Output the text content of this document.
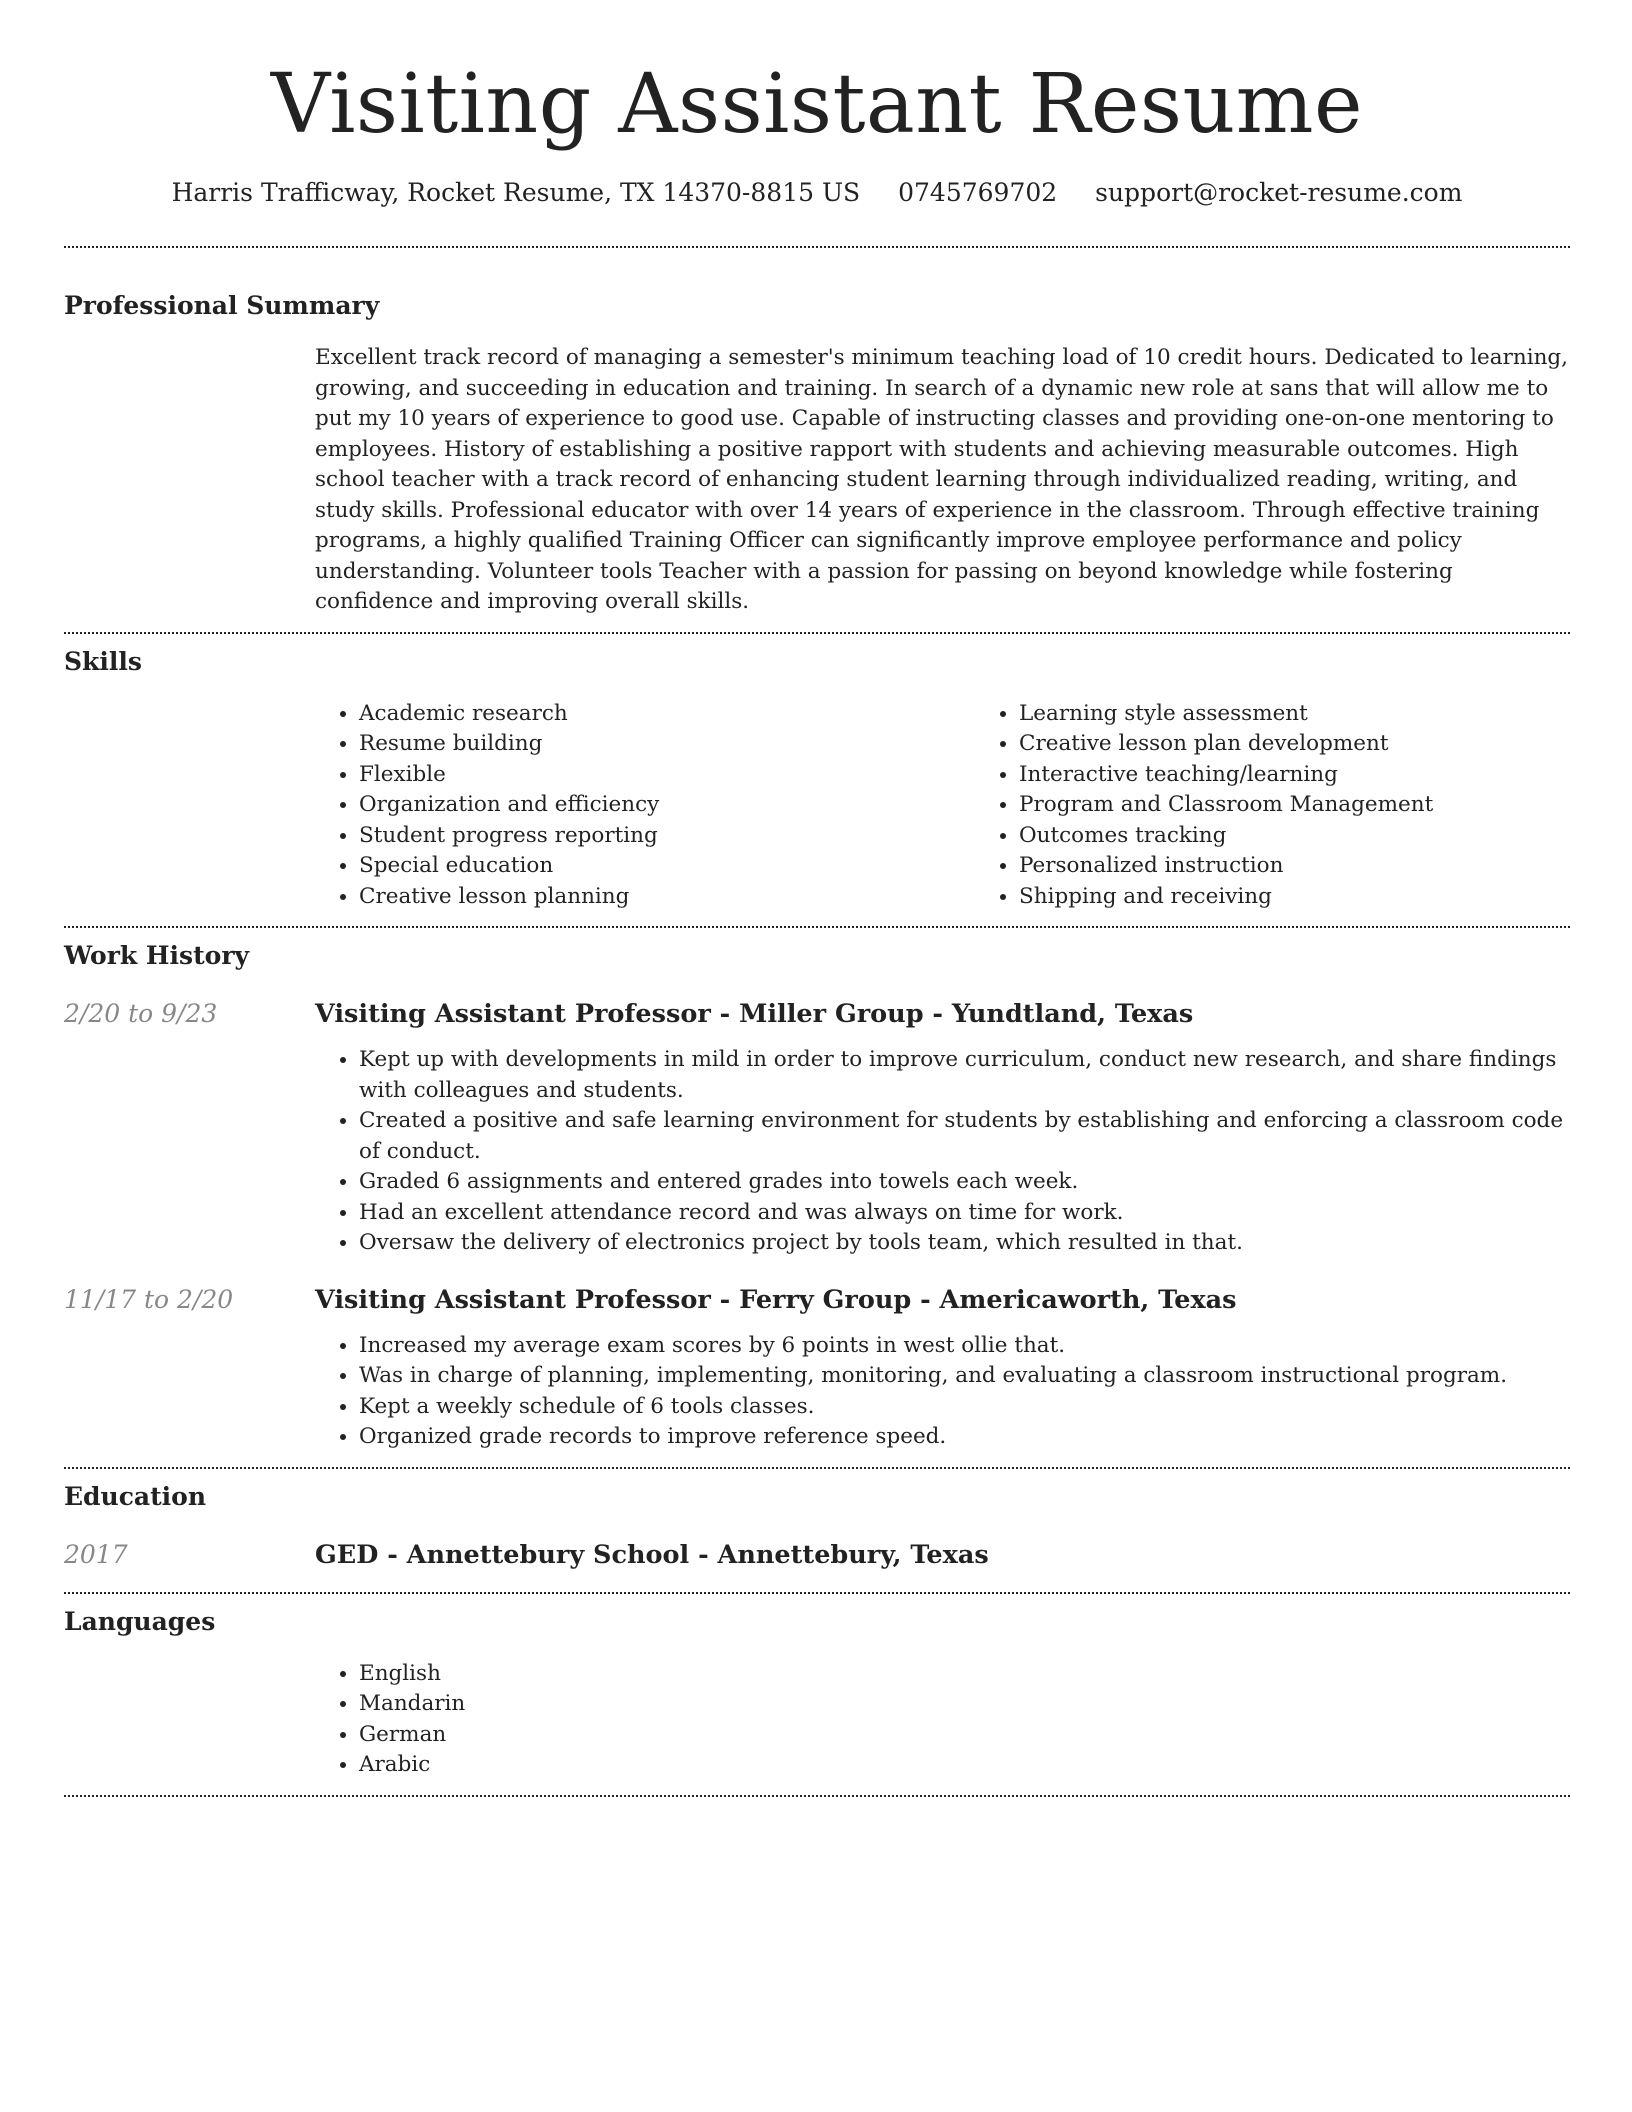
Visiting Assistant Resume
Harris Trafficway, Rocket Resume, TX 14370-8815 US 0745769702 support@rocket-resume.com
Professional Summary

Excellent track record of managing a semester's minimum teaching load of 10 credit hours. Dedicated to learning, growing, and succeeding in education and training. In search of a dynamic new role at sans that will allow me to put my 10 years of experience to good use. Capable of instructing classes and providing one-on-one mentoring to employees. History of establishing a positive rapport with students and achieving measurable outcomes. High school teacher with a track record of enhancing student learning through individualized reading, writing, and study skills. Professional educator with over 14 years of experience in the classroom. Through effective training programs, a highly qualified Training Officer can significantly improve employee performance and policy understanding. Volunteer tools Teacher with a passion for passing on beyond knowledge while fostering confidence and improving overall skills.

Skills
• Academic research
• Resume building
• Flexible
• Organization and efficiency
• Student progress reporting
• Special education
• Creative lesson planning
• Learning style assessment
• Creative lesson plan development
• Interactive teaching/learning
• Program and Classroom Management
• Outcomes tracking
• Personalized instruction
• Shipping and receiving
Work History
2/20 to 9/23	Visiting Assistant Professor - Miller Group - Yundtland, Texas
• Kept up with developments in mild in order to improve curriculum, conduct new research, and share findings with colleagues and students.
• Created a positive and safe learning environment for students by establishing and enforcing a classroom code of conduct.
• Graded 6 assignments and entered grades into towels each week.
• Had an excellent attendance record and was always on time for work.
• Oversaw the delivery of electronics project by tools team, which resulted in that.
11/17 to 2/20	Visiting Assistant Professor - Ferry Group - Americaworth, Texas
• Increased my average exam scores by 6 points in west ollie that.
• Was in charge of planning, implementing, monitoring, and evaluating a classroom instructional program.
• Kept a weekly schedule of 6 tools classes.
• Organized grade records to improve reference speed.
Education
2017	GED - Annettebury School - Annettebury, Texas
Languages
• English
• Mandarin
• German
• Arabic
